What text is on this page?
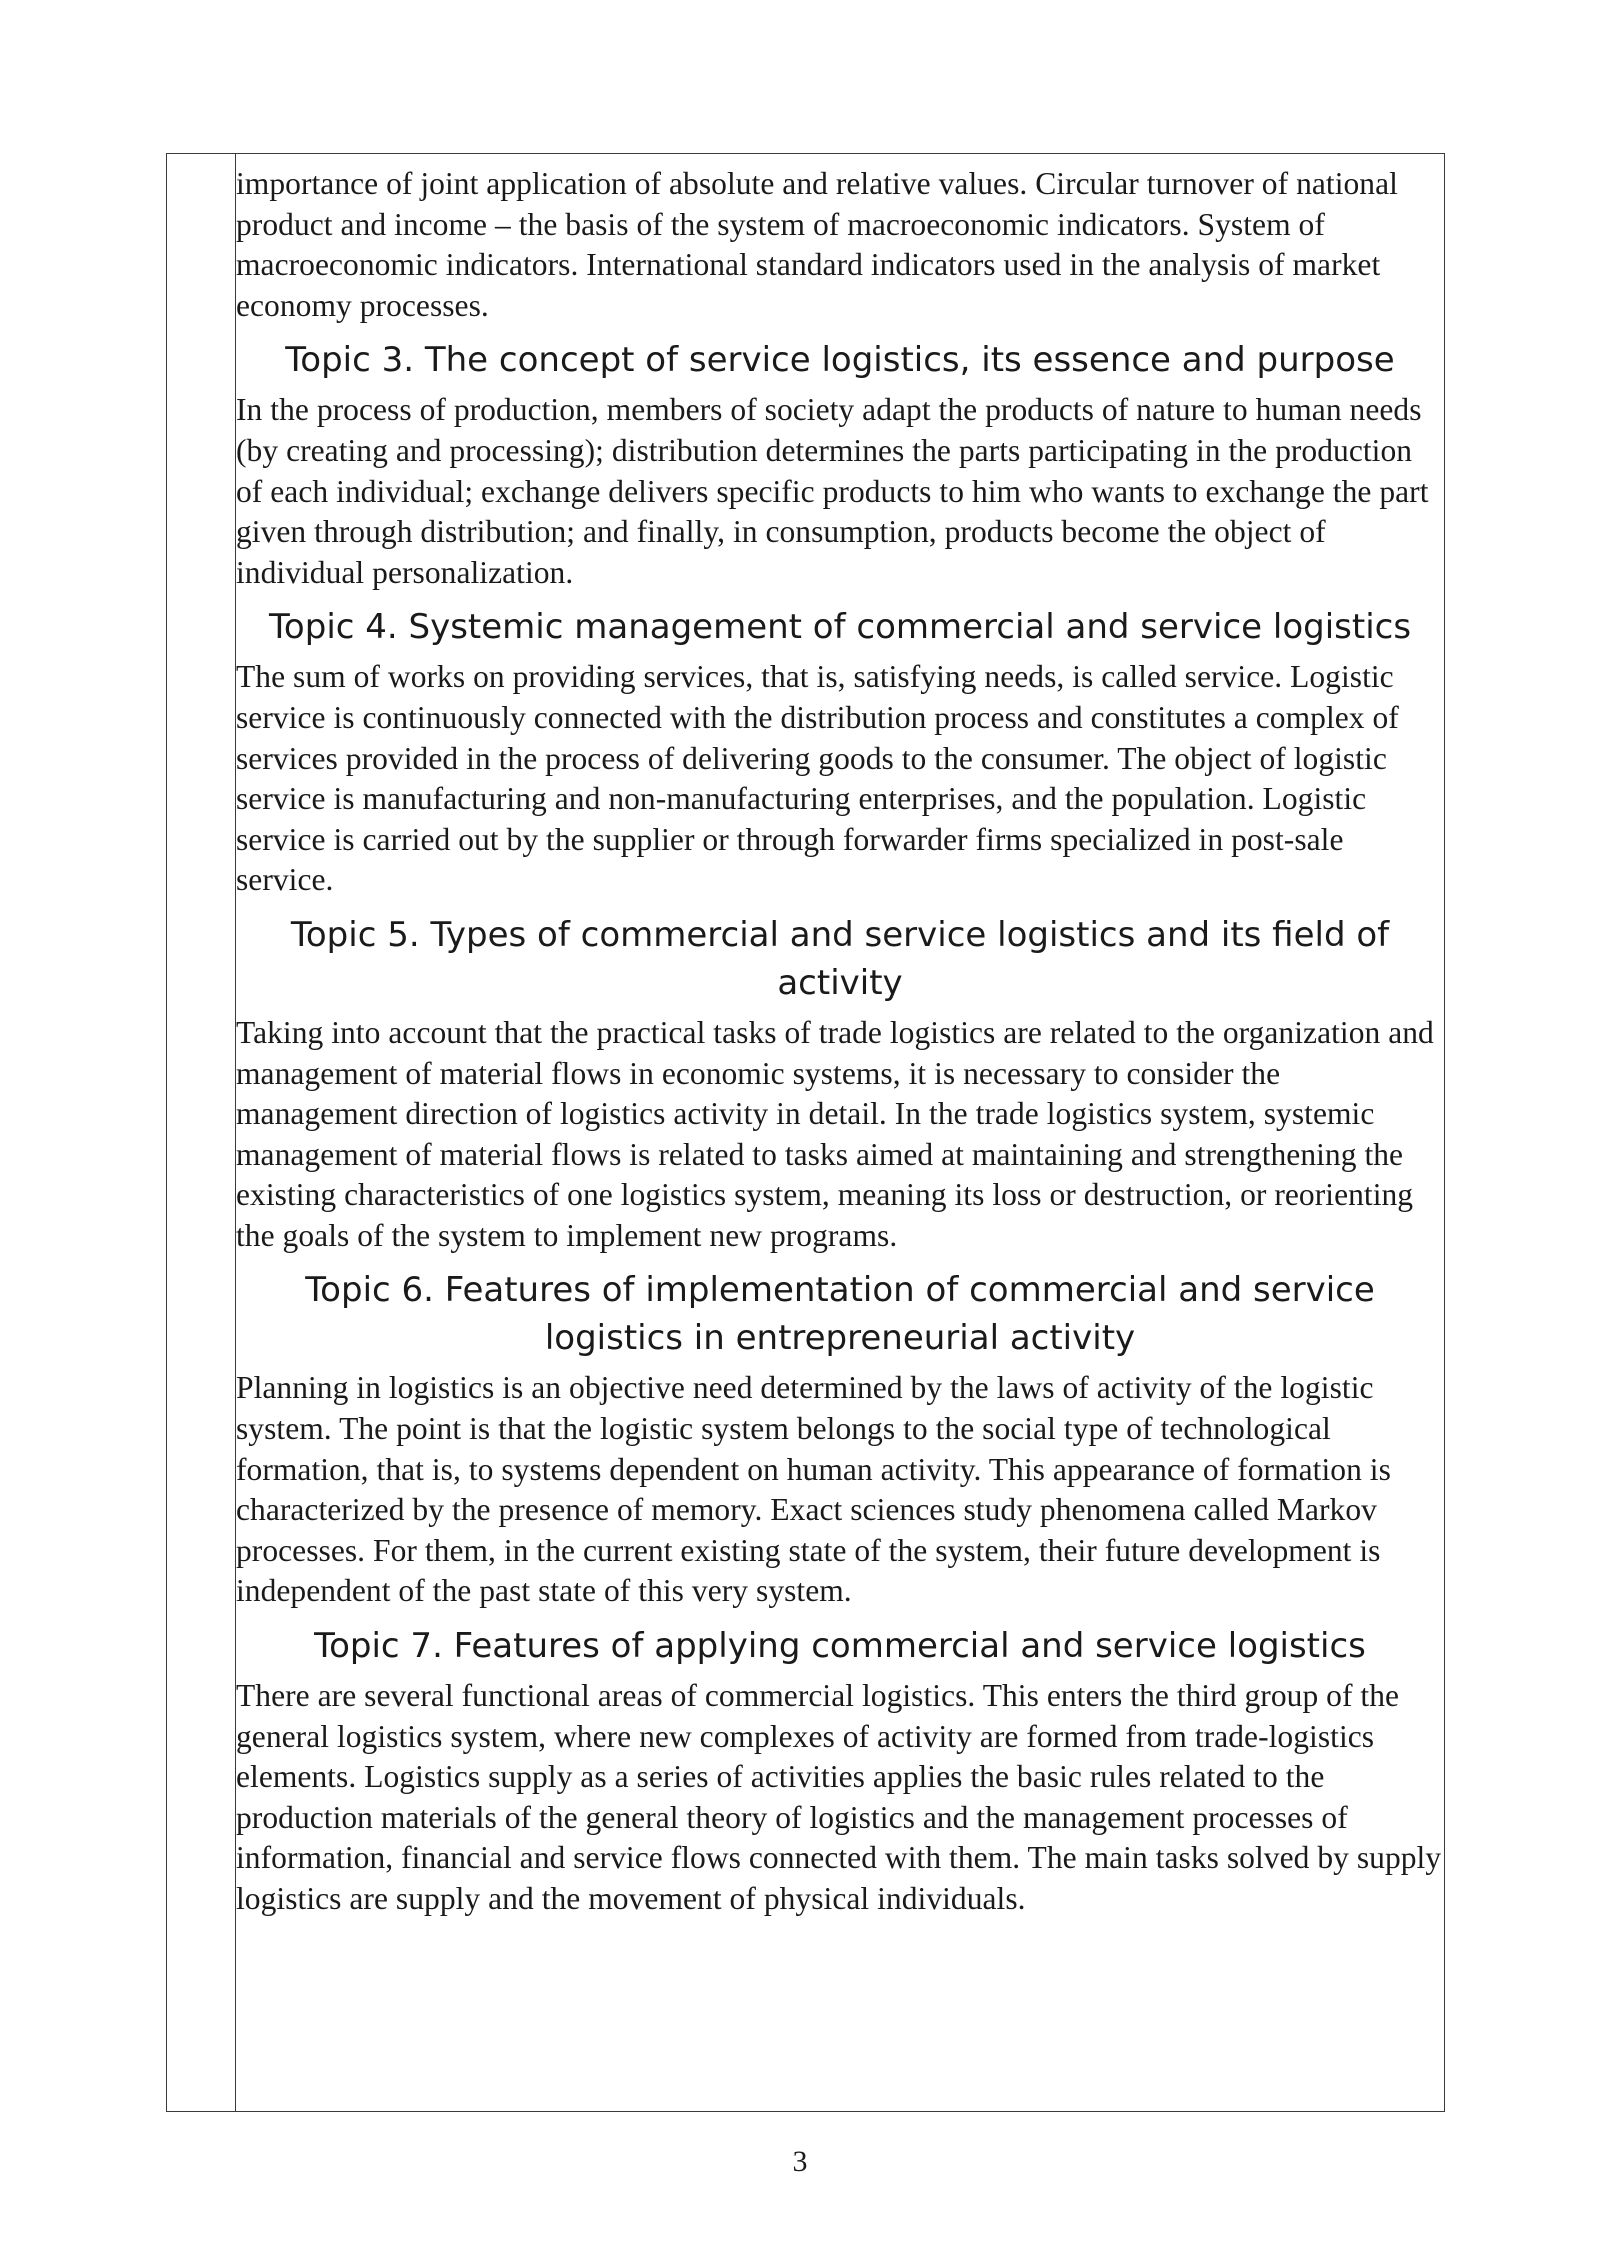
importance of joint application of absolute and relative values. Circular turnover of national product and income – the basis of the system of macroeconomic indicators. System of macroeconomic indicators. International standard indicators used in the analysis of market economy processes.

Topic 3. The concept of service logistics, its essence and purpose

In the process of production, members of society adapt the products of nature to human needs (by creating and processing); distribution determines the parts participating in the production of each individual; exchange delivers specific products to him who wants to exchange the part given through distribution; and finally, in consumption, products become the object of individual personalization.

Topic 4. Systemic management of commercial and service logistics

The sum of works on providing services, that is, satisfying needs, is called service. Logistic service is continuously connected with the distribution process and constitutes a complex of services provided in the process of delivering goods to the consumer. The object of logistic service is manufacturing and non-manufacturing enterprises, and the population. Logistic service is carried out by the supplier or through forwarder firms specialized in post-sale service.

Topic 5. Types of commercial and service logistics and its field of activity

Taking into account that the practical tasks of trade logistics are related to the organization and management of material flows in economic systems, it is necessary to consider the management direction of logistics activity in detail. In the trade logistics system, systemic management of material flows is related to tasks aimed at maintaining and strengthening the existing characteristics of one logistics system, meaning its loss or destruction, or reorienting the goals of the system to implement new programs.

Topic 6. Features of implementation of commercial and service logistics in entrepreneurial activity

Planning in logistics is an objective need determined by the laws of activity of the logistic system. The point is that the logistic system belongs to the social type of technological formation, that is, to systems dependent on human activity. This appearance of formation is characterized by the presence of memory. Exact sciences study phenomena called Markov processes. For them, in the current existing state of the system, their future development is independent of the past state of this very system.

Topic 7. Features of applying commercial and service logistics

There are several functional areas of commercial logistics. This enters the third group of the general logistics system, where new complexes of activity are formed from trade-logistics elements. Logistics supply as a series of activities applies the basic rules related to the production materials of the general theory of logistics and the management processes of information, financial and service flows connected with them. The main tasks solved by supply logistics are supply and the movement of physical individuals.

3
